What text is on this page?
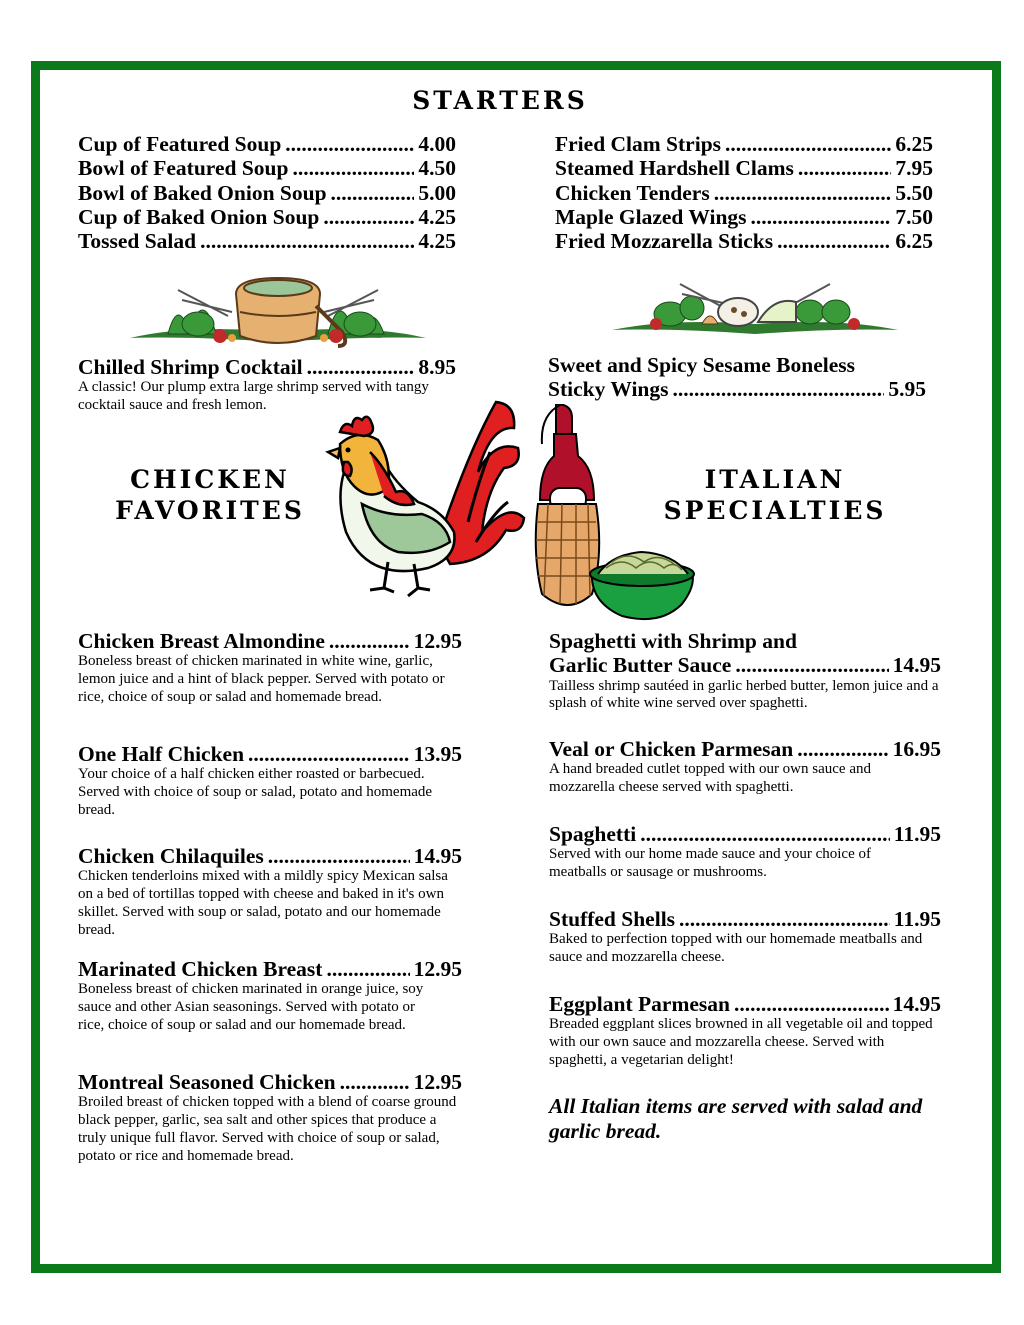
STARTERS
Cup of Featured Soup .....	4.00
Bowl of Featured Soup .....	4.50
Bowl of Baked Onion Soup .....	5.00
Cup of Baked Onion Soup .....	4.25
Tossed Salad .....	4.25
Fried Clam Strips .....	6.25
Steamed Hardshell Clams .....	7.95
Chicken Tenders .....	5.50
Maple Glazed Wings .....	7.50
Fried Mozzarella Sticks .....	6.25
Chilled Shrimp Cocktail .....	8.95
A classic! Our plump extra large shrimp served with tangy cocktail sauce and fresh lemon.
Sweet and Spicy Sesame Boneless
Sticky Wings .....	5.95
CHICKEN
FAVORITES
ITALIAN
SPECIALTIES
Chicken Breast Almondine .....	12.95
Boneless breast of chicken marinated in white wine, garlic, lemon juice and a hint of black pepper. Served with potato or rice, choice of soup or salad and homemade bread.
One Half Chicken .....	13.95
Your choice of a half chicken either roasted or barbecued. Served with choice of soup or salad, potato and homemade bread.
Chicken Chilaquiles .....	14.95
Chicken tenderloins mixed with a mildly spicy Mexican salsa on a bed of tortillas topped with cheese and baked in it's own skillet. Served with soup or salad, potato and our homemade bread.
Marinated Chicken Breast .....	12.95
Boneless breast of chicken marinated in orange juice, soy sauce and other Asian seasonings. Served with potato or rice, choice of soup or salad and our homemade bread.
Montreal Seasoned Chicken .....	12.95
Broiled breast of chicken topped with a blend of coarse ground black pepper, garlic, sea salt and other spices that produce a truly unique full flavor. Served with choice of soup or salad, potato or rice and homemade bread.
Spaghetti with Shrimp and
Garlic Butter Sauce .....	14.95
Tailless shrimp sautéed in garlic herbed butter, lemon juice and a splash of white wine served over spaghetti.
Veal or Chicken Parmesan .....	16.95
A hand breaded cutlet topped with our own sauce and mozzarella cheese served with spaghetti.
Spaghetti .....	11.95
Served with our home made sauce and your choice of meatballs or sausage or mushrooms.
Stuffed Shells .....	11.95
Baked to perfection topped with our homemade meatballs and sauce and mozzarella cheese.
Eggplant Parmesan .....	14.95
Breaded eggplant slices browned in all vegetable oil and topped with our own sauce and mozzarella cheese. Served with spaghetti, a vegetarian delight!
All Italian items are served with salad and garlic bread.
